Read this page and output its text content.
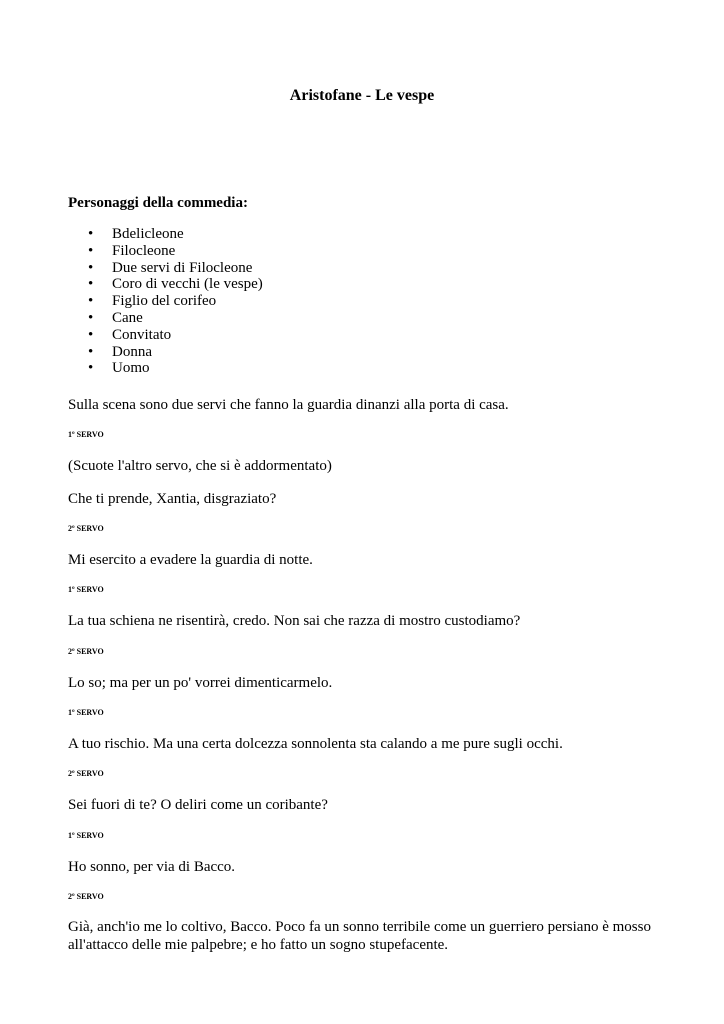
Aristofane - Le vespe

Personaggi della commedia:

• Bdelicleone
• Filocleone
• Due servi di Filocleone
• Coro di vecchi (le vespe)
• Figlio del corifeo
• Cane
• Convitato
• Donna
• Uomo

Sulla scena sono due servi che fanno la guardia dinanzi alla porta di casa.

1º SERVO

(Scuote l'altro servo, che si è addormentato)

Che ti prende, Xantia, disgraziato?

2º SERVO

Mi esercito a evadere la guardia di notte.

1º SERVO

La tua schiena ne risentirà, credo. Non sai che razza di mostro custodiamo?

2º SERVO

Lo so; ma per un po' vorrei dimenticarmelo.

1º SERVO

A tuo rischio. Ma una certa dolcezza sonnolenta sta calando a me pure sugli occhi.

2º SERVO

Sei fuori di te? O deliri come un coribante?

1º SERVO

Ho sonno, per via di Bacco.

2º SERVO

Già, anch'io me lo coltivo, Bacco. Poco fa un sonno terribile come un guerriero persiano è mosso all'attacco delle mie palpebre; e ho fatto un sogno stupefacente.
